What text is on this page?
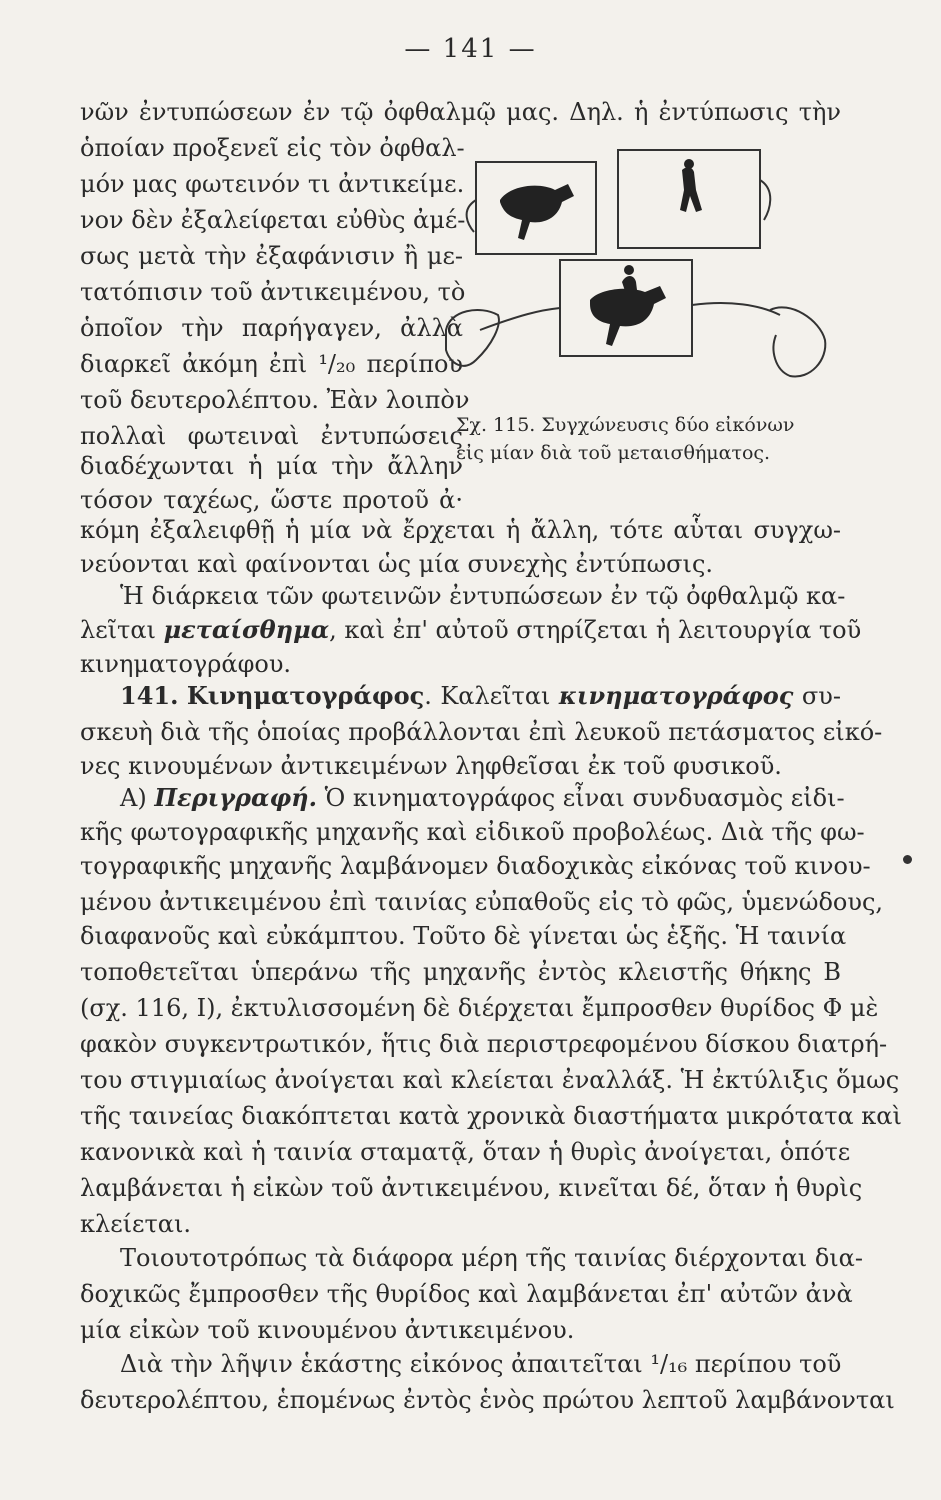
— 141 —
νῶν ἐντυπώσεων ἐν τῷ ὀφθαλμῷ μας. Δηλ. ἡ ἐντύπωσις τὴν
ὁποίαν προξενεῖ εἰς τὸν ὀφθαλ-
μόν μας φωτεινόν τι ἀντικείμε.
νον δὲν ἐξαλείφεται εὐθὺς ἀμέ-
σως μετὰ τὴν ἐξαφάνισιν ἢ με-
τατόπισιν τοῦ ἀντικειμένου, τὸ
ὁποῖον τὴν παρήγαγεν, ἀλλὰ
διαρκεῖ ἀκόμη ἐπὶ ¹/₂₀ περίπου
τοῦ δευτερολέπτου. Ἐὰν λοιπὸν
πολλαὶ φωτειναὶ ἐντυπώσεις
διαδέχωνται ἡ μία τὴν ἄλλην
τόσον ταχέως, ὥστε πρoτοῦ ἀ·
Σχ. 115. Συγχώνευσις δύο εἰκόνων
εἰς μίαν διὰ τοῦ μεταισθήματος.
κόμη ἐξαλειφθῇ ἡ μία νὰ ἔρχεται ἡ ἄλλη, τότε αὗται συγχω-
νεύονται καὶ φαίνονται ὡς μία συνεχὴς ἐντύπωσις.
Ἡ διάρκεια τῶν φωτεινῶν ἐντυπώσεων ἐν τῷ ὀφθαλμῷ κα-
λεῖται μεταίσθημα, καὶ ἐπ' αὐτοῦ στηρίζεται ἡ λειτουργία τοῦ
κινηματογράφου.
141. Κινηματογράφος. Καλεῖται κινηματογράφος συ-
σκευὴ διὰ τῆς ὁποίας προβάλλονται ἐπὶ λευκοῦ πετάσματος εἰκό-
νες κινουμένων ἀντικειμένων ληφθεῖσαι ἐκ τοῦ φυσικοῦ.
Α) Περιγραφή. Ὁ κινηματογράφος εἶναι συνδυασμὸς εἰδι-
κῆς φωτογραφικῆς μηχανῆς καὶ εἰδικοῦ προβολέως. Διὰ τῆς φω-
τογραφικῆς μηχανῆς λαμβάνομεν διαδοχικὰς εἰκόνας τοῦ κινου-
μένου ἀντικειμένου ἐπὶ ταινίας εὐπαθοῦς εἰς τὸ φῶς, ὑμενώδους,
διαφανοῦς καὶ εὐκάμπτου. Τοῦτο δὲ γίνεται ὡς ἑξῆς. Ἡ ταινία
τοποθετεῖται ὑπεράνω τῆς μηχανῆς ἐντὸς κλειστῆς θήκης Β
(σχ. 116, Ι), ἐκτυλισσομένη δὲ διέρχεται ἔμπροσθεν θυρίδος Φ μὲ
φακὸν συγκεντρωτικόν, ἥτις διὰ περιστρεφομένου δίσκου διατρή-
του στιγμιαίως ἀνοίγεται καὶ κλείεται ἐναλλάξ. Ἡ ἐκτύλιξις ὅμως
τῆς ταινείας διακόπτεται κατὰ χρονικὰ διαστήματα μικρότατα καὶ
κανονικὰ καὶ ἡ ταινία σταματᾷ, ὅταν ἡ θυρὶς ἀνοίγεται, ὁπότε
λαμβάνεται ἡ εἰκὼν τοῦ ἀντικειμένου, κινεῖται δέ, ὅταν ἡ θυρὶς
κλείεται.
Τοιουτοτρόπως τὰ διάφορα μέρη τῆς ταινίας διέρχονται δια-
δοχικῶς ἔμπροσθεν τῆς θυρίδος καὶ λαμβάνεται ἐπ' αὐτῶν ἀνὰ
μία εἰκὼν τοῦ κινουμένου ἀντικειμένου.
Διὰ τὴν λῆψιν ἑκάστης εἰκόνος ἀπαιτεῖται ¹/₁₆ περίπου τοῦ
δευτερολέπτου, ἑπομένως ἐντὸς ἑνὸς πρώτου λεπτοῦ λαμβάνονται
